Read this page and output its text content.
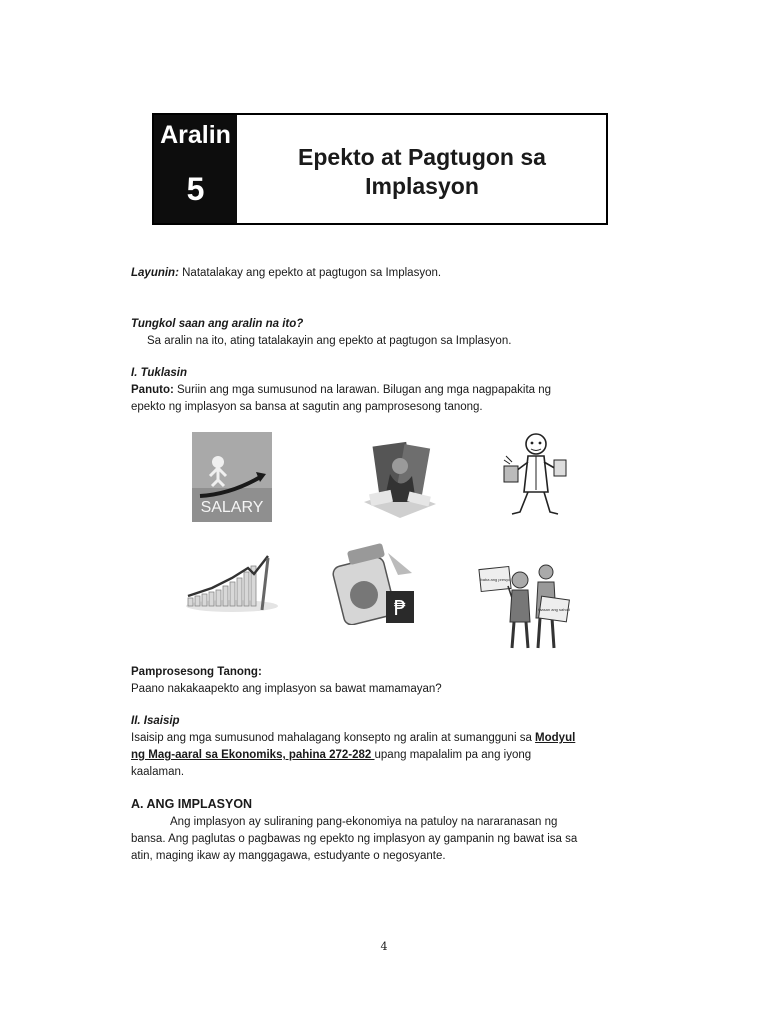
Aralin
5
Epekto at Pagtugon sa
Implasyon
Layunin: Natatalakay ang epekto at pagtugon sa Implasyon.
Tungkol saan ang aralin na ito?
Sa aralin na ito, ating tatalakayin ang epekto at pagtugon sa Implasyon.
I. Tuklasin
Panuto: Suriin ang mga sumusunod na larawan. Bilugan ang mga nagpapakita ng
epekto ng implasyon sa bansa at sagutin ang pamprosesong tanong.
SALARY
₱
ibaba ang presyo
taasan ang sahod
Pamprosesong Tanong:
Paano nakakaapekto ang implasyon sa bawat mamamayan?
II. Isaisip
Isaisip ang mga sumusunod mahalagang konsepto ng aralin at sumangguni sa Modyul
ng Mag-aaral sa Ekonomiks, pahina 272-282 upang mapalalim pa ang iyong
kaalaman.
A. ANG IMPLASYON
Ang implasyon ay suliraning pang-ekonomiya na patuloy na nararanasan ng
bansa. Ang paglutas o pagbawas ng epekto ng implasyon ay gampanin ng bawat isa sa
atin, maging ikaw ay manggagawa, estudyante o negosyante.
4
